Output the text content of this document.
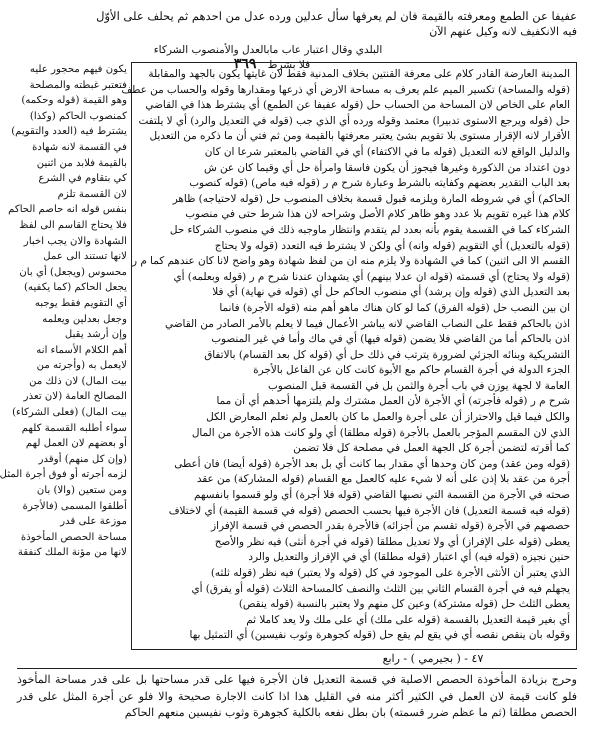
عفيفا عن الطمع ومعرفته بالقيمة فان لم يعرفها سأل عدلين ورده عدل من احدهم ثم يحلف على الأوّل
فيه الانكفيف لانه وكيل عنهم الآن
البلدي وقال اعتبار عاب مابالعدل والأمنصوب الشركاء فلا بشرط ٣٦٩
المدينة العارضة القادر كلام على معرفة القنتين بخلاف المدنية فقط لان غايتها يكون بالجهد والمقابلة
(قوله والمساحة) تكسير الميم علم يعرف به مساحة الارض أي ذرعها ومقدارها وقوله والحساب من عطف
العام على الخاص لان المساحة من الحساب حل (قوله عفيفا عن الطمع) أي يشترط هذا في القاضي
حل (قوله ويرجع الاستوى تدبيرا) معتمد وقوله ورده أي الذي جب (قوله في التعديل والرد) أي لا يلتفت
الأقرار لانه الإقرار مستوى بلا تقويم بشئ يعتبر معرفتها بالقيمة ومن ثم فتي أن ما ذكره من التعديل
والدليل الواقع لانه التعديل (قوله ما في الاكتفاء) أي في القاضي بالمعتبر شرعا ان كان
دون اعتداد من الذكورة وغيرها فيجوز أن يكون فاسقا وامرأة حل أي وقيما كان عن ش
بعد الباب التقدير بعضهم وكفايته بالشرط وعبارة شرح م ر (قوله فيه ماص) (قوله كنصوب
الحاكم) أي في شروطه المارة ويلزمه قبول قسمة بخلاف المنصوب حل (قوله لاحتياجه) ظاهر
كلام هذا غيره تقويم بلا عدد وهو ظاهر كلام الأصل وشراحه لان هذا شرط حتى في منصوب
الشركاء كما في القسمة يقوم بأنه بعدد لم يتقدم وانتظار ماوجبه ذلك في منصوب الشركاء حل
(قوله بالتعديل) أي التقويم (قوله وانه) أي ولكن لا يشترط فيه التعدد (قوله ولا يحتاج
القسم الا الى اثنين) كما في الشهادة ولا يلزم منه ان من لفظ شهادة وهو واضح لانا كان عندهم كما م ر
(قوله ولا يحتاج) أي قسمته (قوله ان عدلا بينهم) أي يشهدان عندنا شرح م ر (قوله وبعلمه) أي
بعد التعديل الذي (قوله وإن يرشد) أي منصوب الحاكم حل أي (قوله في نهاية) أي فلا
ان بين النصب حل (قوله الفرق) كما لو كان هناك ماهو أهم منه (قوله الأجرة) فانما
اذن بالحاكم فقط على النصاب القاضي لانه يباشر الأعمال فيما لا يعلم بالأمر الصادر من القاضي
اذن بالحاكم أما من القاضي فلا يضمن (قوله فيها) أي في ماك وأما في غير المنصوب
التشريكية وبنائه الجزئي لضرورة يترتب في ذلك حل أي (قوله كل بعد القسام) بالاتفاق
الجزء الدولة في أجرة القسام حاكم مع الأبوة كانت كان عن الفاعل بالأجرة
العامة لا لجهة يوزن في باب أجرة والثمن بل في القسمة قبل المنصوب
شرح م ر (قوله فأجرته) أي الأجرة لأن العمل مشترك ولم يلتزمها أحدهم أي أن مما
والكل فيما قيل والاحتراز أن على أجرة والعمل ما كان بالعمل ولم تعلم المعارض الكل
الذي لان المقسم المؤجر بالعمل بالأجرة (قوله مطلقا) أي ولو كانت هذه الأجرة من المال
كما أقرته لتضمن أجرة كل الجهة العمل في مصلحة كل فلا تضمن
(قوله ومن عقد) ومن كان وحدها أي مقدار بما كانت أي بل بعد الأجرة (قوله أيضا) فان أعطى
أجرة من عقد بلا إذن على أنه لا شيء عليه كالعمل مع القسام (قوله المشاركة) من عقد
صحته في الأجرة من القسمة التي نصبها القاضي (قوله فلا أجرة) أي ولو قسموا بانفسهم
(قوله فيه قسمة التعديل) فان الأجرة فيها بحسب الحصص (قوله في قسمة القيمة) أي لاختلاف
حصصهم في الأجرة (قوله تقسم من أجزائه) فالأجرة بقدر الحصص في قسمة الإفراز
يعطى (قوله على الإفراز) أي ولا تعديل مطلقا (قوله في أجرة أنثى) فيه نظر والأصح
حنين نجيزه (قوله فيه) أي اعتبار (قوله مطلقا) أي في الإفراز والتعديل والرد
الذي يعتبر أن الأنثى الأجرة على الموجود في كل (قوله ولا يعتبر) فيه نظر (قوله ثلثه)
يجهلم فيه في أجرة القسام الثاني بين الثلث والنصف كالمساحة الثلاث (قوله أو يفرق) أي
يعطى الثلث حل (قوله مشتركة) وعين كل منهم ولا يعتبر بالنسبة (قوله ينقص)
أي بغير قيمة التعديل بالقسمة (قوله على ملك) أي على ملك ولا يعد كاملا ثم
وقوله بان ينقص نقصه أي في يقع لم يقع حل (قوله كجوهرة وثوب نفيسين) أي التمثيل بها
يكون فيهم محجور عليه
فتعتبر غبطته والمصلحة
وهو القيمة (قوله وحكمه)
كمنصوب الحاكم (وكذا)
يشترط فيه (العدد والتقويم)
في القسمة لانه شهادة
بالقيمة فلابد من اثنين
كي بتقاوم في الشرع
لان القسمة تلزم
بنفس قوله انه حاصم الحاكم
فلا يحتاج القاسم الى لفظ
الشهادة والان يجب اخبار
لانها تستند الى عمل
محسوس (ويجعل) أي بان
يجعل الحاكم (كما يكفيه)
أي التقويم فقط يوجبه
وجعل بعدلين ويعلمه
وإن أرشد يقبل
أهم الكلام الأسماء انه
لايعمل به (وأجرته من
بيت المال) لان ذلك من
المصالح العامة (لان تعذر
بيت المال) (فعلى الشركاء)
سواء أطلبه القسمة كلهم
أو بعضهم لان العمل لهم
(وإن كل منهم) أوقدر
لزمه أجرته أو فوق أجرة المثل
ومن ستعين (والا) بان
أطلقوا المسمى (فالأجرة
موزعة على قدر
مساحة الحصص المأخوذة
لانها من مؤنة الملك كنفقة
٤٧ - ( بجيرمي ) - رابع
وحرج بزيادة المأخوذة الحصص الاصلية في قسمة التعديل فان الأجرة فيها على قدر مساحتها بل على قدر مساحة المأخوذ فلو كانت قيمة لان العمل في الكثير أكثر منه في القليل هذا اذا كانت الاجارة صحيحة والا فلو عن أجرة المثل على قدر الحصص مطلقا (ثم ما عظم ضرر قسمته) بان بطل نفعه بالكلية كجوهرة وثوب نفيسين منعهم الحاكم
